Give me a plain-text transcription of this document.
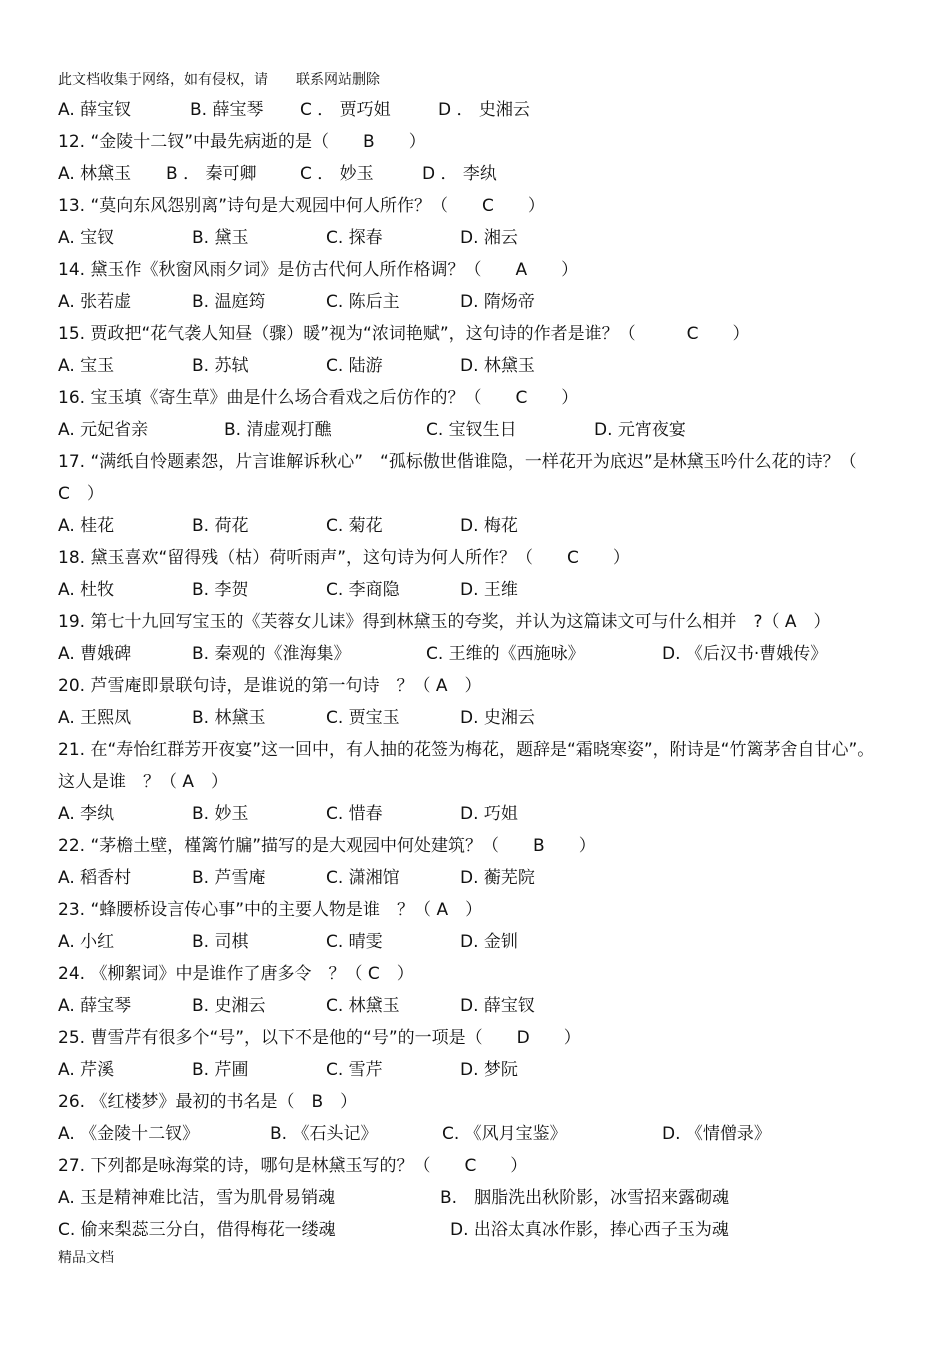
此文档收集于网络，如有侵权，请　　联系网站删除
A. 薛宝钗	B. 薛宝琴 C ． 贾巧姐	D ． 史湘云
12. “金陵十二钗”中最先病逝的是（　　B　　）
A. 林黛玉 B ． 秦可卿	C ． 妙玉	D ． 李纨
13. “莫向东风怨别离”诗句是大观园中何人所作？（　　C　　）
A. 宝钗	B. 黛玉	C. 探春	D. 湘云
14. 黛玉作《秋窗风雨夕词》是仿古代何人所作格调？（　　A　　）
A. 张若虚	B. 温庭筠	C. 陈后主	D. 隋炀帝
15. 贾政把“花气袭人知昼（骤）暖”视为“浓词艳赋”，这句诗的作者是谁？（　　　C　　）
A. 宝玉	B. 苏轼	C. 陆游	D. 林黛玉
16. 宝玉填《寄生草》曲是什么场合看戏之后仿作的？（　　C　　）
A. 元妃省亲	B. 清虚观打醮	C. 宝钗生日	D. 元宵夜宴
17. “满纸自怜题素怨，片言谁解诉秋心”　“孤标傲世偕谁隐，一样花开为底迟”是林黛玉吟什么花的诗？（　C　）
A. 桂花	B. 荷花	C. 菊花	D. 梅花
18. 黛玉喜欢“留得残（枯）荷听雨声”，这句诗为何人所作？（　　C　　）
A. 杜牧	B. 李贺	C. 李商隐	D. 王维
19. 第七十九回写宝玉的《芙蓉女儿诔》得到林黛玉的夸奖，并认为这篇诔文可与什么相并　?（ A　）
A. 曹娥碑	B. 秦观的《淮海集》	C. 王维的《西施咏》	D. 《后汉书·曹娥传》
20. 芦雪庵即景联句诗，是谁说的第一句诗　？（ A　）
A. 王熙凤	B. 林黛玉	C. 贾宝玉	D. 史湘云
21. 在“寿怡红群芳开夜宴”这一回中，有人抽的花签为梅花，题辞是“霜晓寒姿”，附诗是“竹篱茅舍自甘心”。这人是谁　？（ A　）
A. 李纨	B. 妙玉	C. 惜春	D. 巧姐
22. “茅檐土壁，槿篱竹牖”描写的是大观园中何处建筑？（　　B　　）
A. 稻香村	B. 芦雪庵	C. 潇湘馆	D. 蘅芜院
23. “蜂腰桥设言传心事”中的主要人物是谁　？（ A　）
A. 小红	B. 司棋	C. 晴雯	D. 金钏
24. 《柳絮词》中是谁作了唐多令　？（ C　）
A. 薛宝琴	B. 史湘云	C. 林黛玉	D. 薛宝钗
25. 曹雪芹有很多个“号”，以下不是他的“号”的一项是（　　D　　）
A. 芹溪	B. 芹圃	C. 雪芹	D. 梦阮
26. 《红楼梦》最初的书名是（　B　）
A. 《金陵十二钗》	B. 《石头记》	C. 《风月宝鉴》	D. 《情僧录》
27. 下列都是咏海棠的诗，哪句是林黛玉写的？（　　C　　）
A. 玉是精神难比洁，雪为肌骨易销魂	B.　胭脂洗出秋阶影，冰雪招来露砌魂
C. 偷来梨蕊三分白，借得梅花一缕魂	D. 出浴太真冰作影，捧心西子玉为魂
精品文档
